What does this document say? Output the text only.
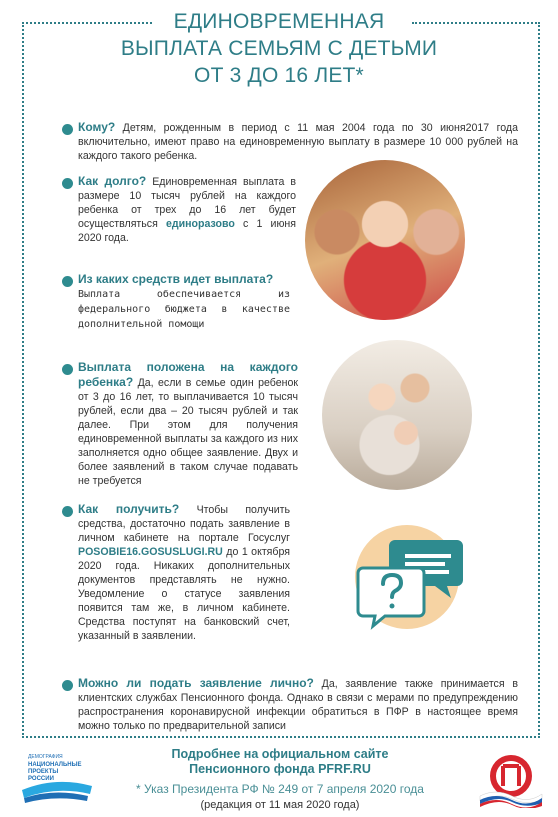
ЕДИНОВРЕМЕННАЯ
ВЫПЛАТА СЕМЬЯМ С ДЕТЬМИ
ОТ 3 ДО 16 ЛЕТ*
Кому? Детям, рожденным в период с 11 мая 2004 года по 30 июня2017 года включительно, имеют право на единовременную выплату в размере 10 000 рублей на каждого такого ребенка.
Как долго? Единовременная выплата в размере 10 тысяч рублей на каждого ребенка от трех до 16 лет будет осуществляться единоразово с 1 июня 2020 года.
Из каких средств идет выплата?
Выплата обеспечивается из федерального бюджета в качестве дополнительной помощи
Выплата положена на каждого ребенка? Да, если в семье один ребенок от 3 до 16 лет, то выплачивается 10 тысяч рублей, если два – 20 тысяч рублей и так далее. При этом для получения единовременной выплаты за каждого из них заполняется одно общее заявление. Двух и более заявлений в таком случае подавать не требуется
Как получить? Чтобы получить средства, достаточно подать заявление в личном кабинете на портале Госуслуг POSOBIE16.GOSUSLUGI.RU до 1 октября 2020 года. Никаких дополнительных документов представлять не нужно. Уведомление о статусе заявления появится там же, в личном кабинете. Средства поступят на банковский счет, указанный в заявлении.
Можно ли подать заявление лично? Да, заявление также принимается в клиентских службах Пенсионного фонда. Однако в связи с мерами по предупреждению распространения коронавирусной инфекции обратиться в ПФР в настоящее время можно только по предварительной записи
Подробнее на официальном сайте
Пенсионного фонда PFRF.RU
* Указ Президента РФ № 249 от 7 апреля 2020 года
(редакция от 11 мая 2020 года)
ДЕМОГРАФИЯ
НАЦИОНАЛЬНЫЕ
ПРОЕКТЫ
РОССИИ
